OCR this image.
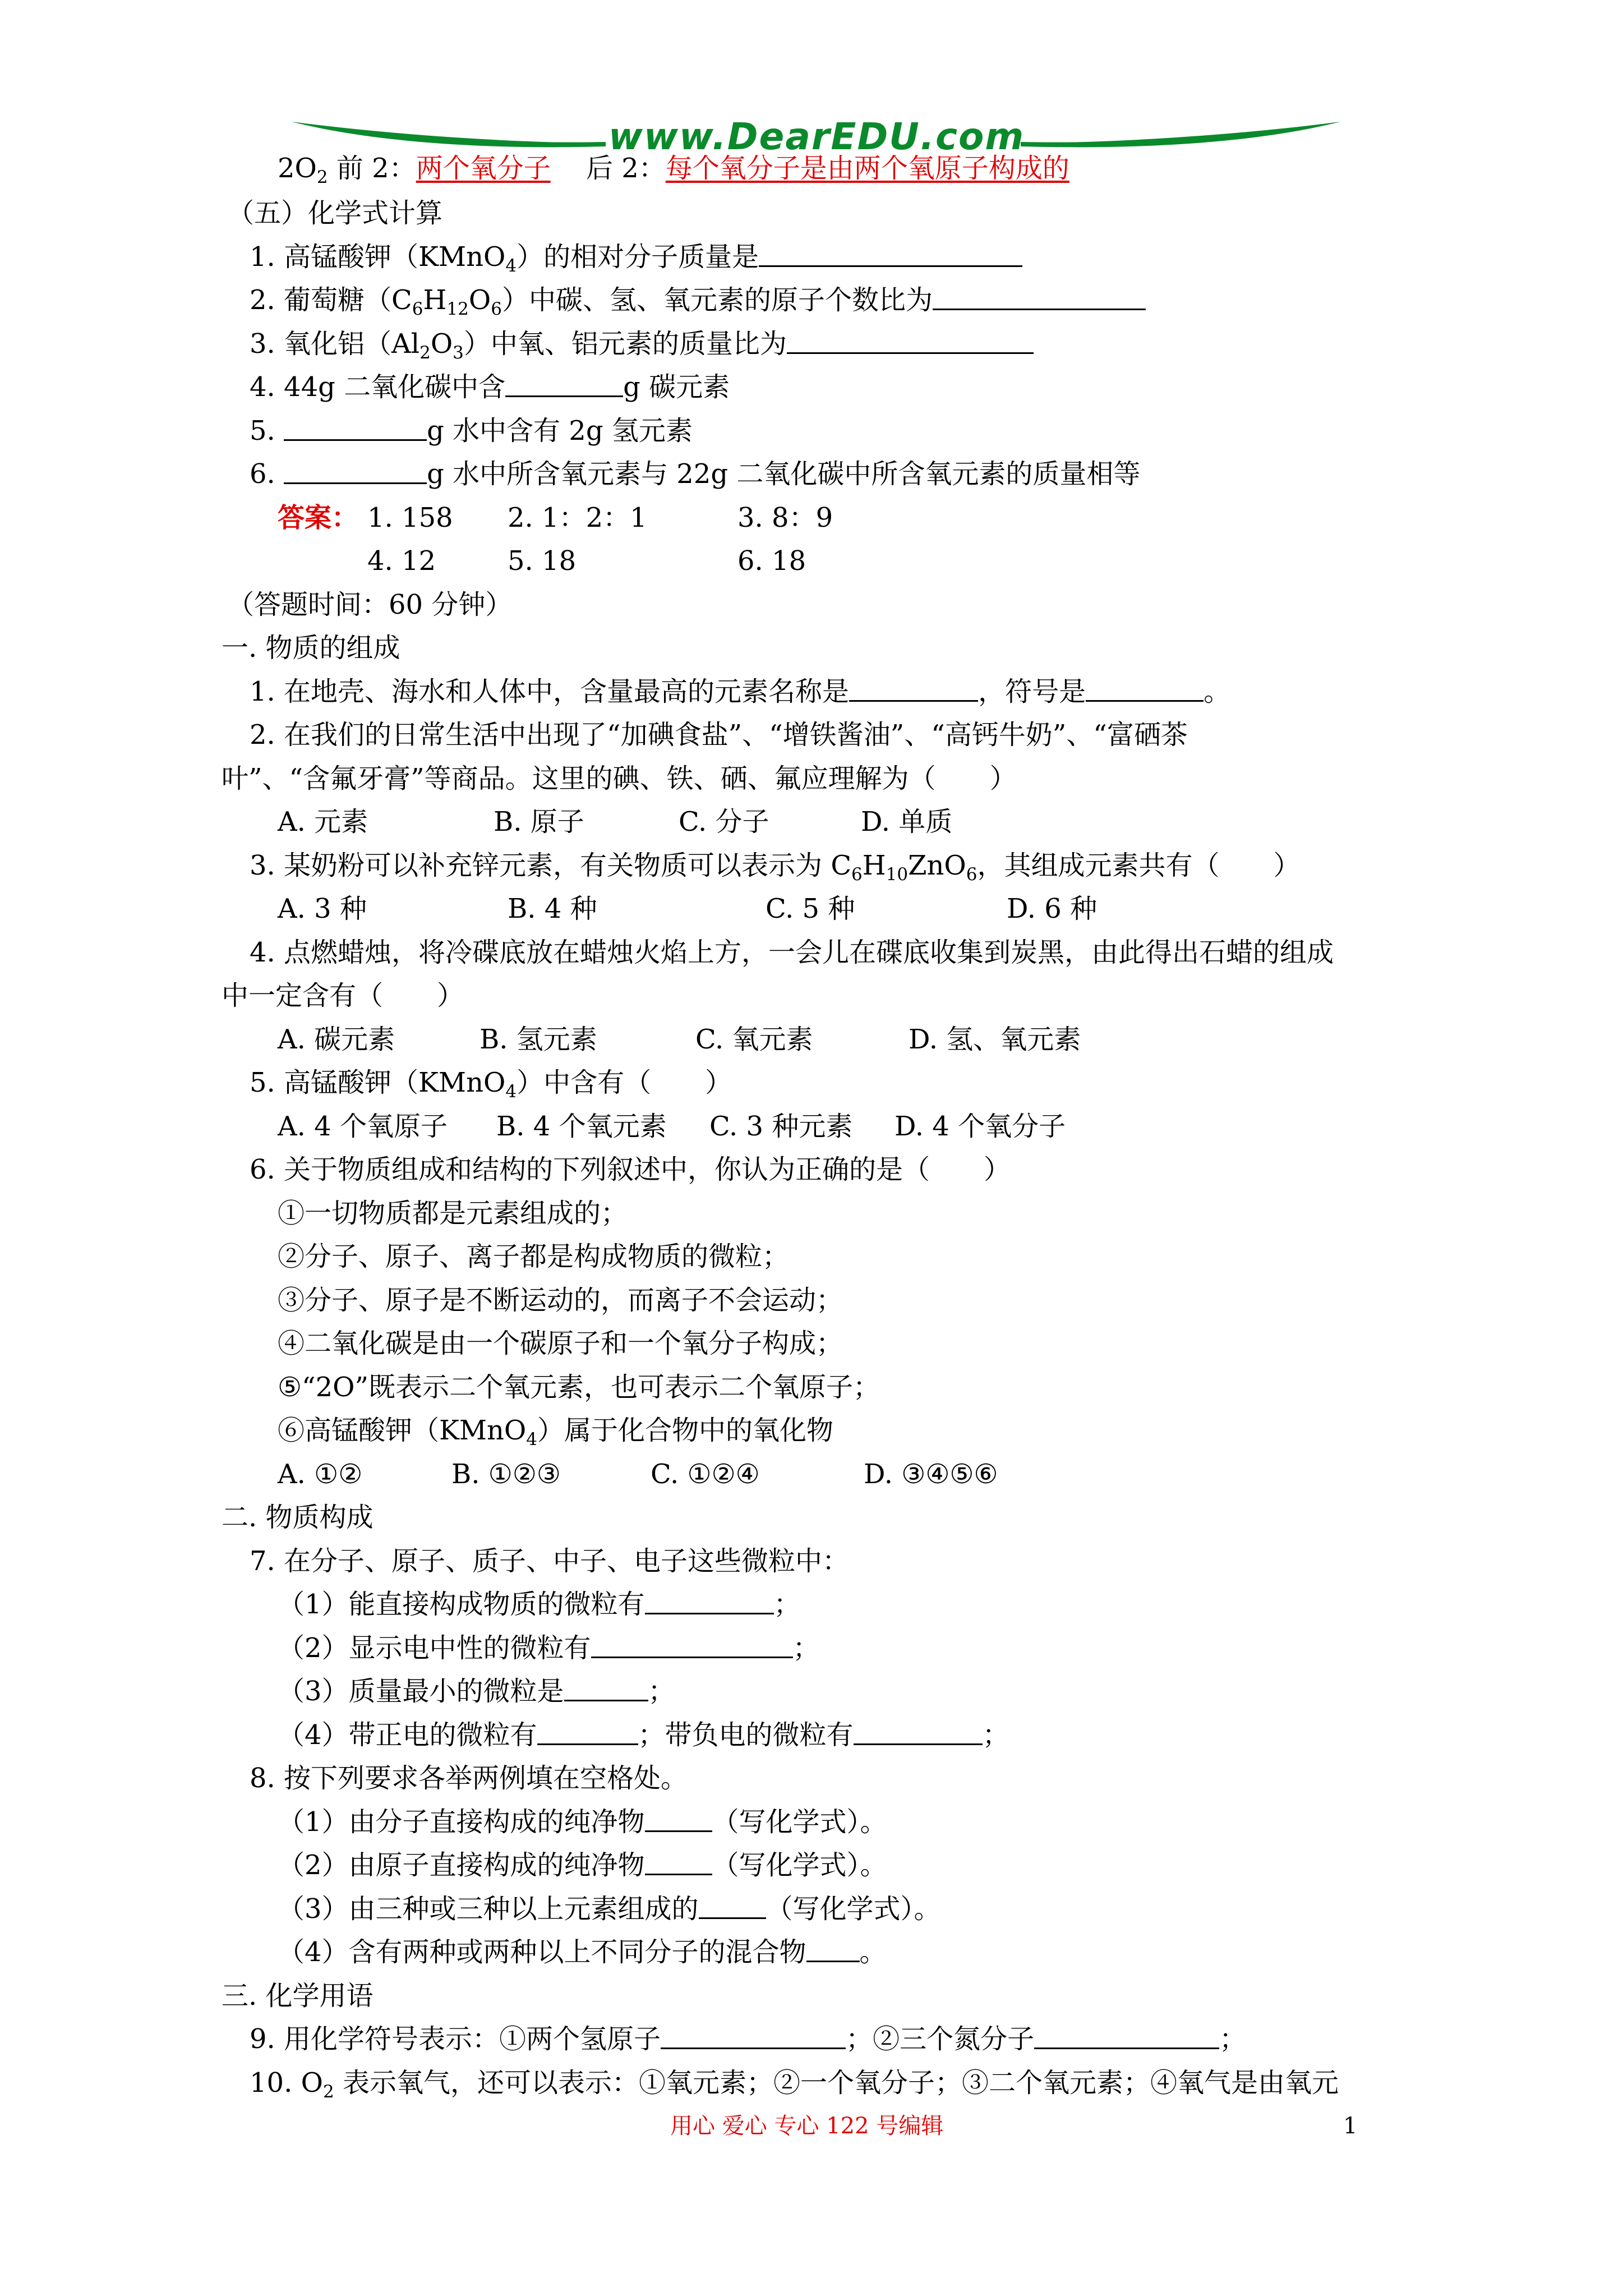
www.DearEDU.com
$2O_2$ 前 2：两个氧分子　 后 2：每个氧分子是由两个氧原子构成的
（五）化学式计算
1. 高锰酸钾（KMnO$_4$）的相对分子质量是
2. 葡萄糖$(C_6H_{12}O_6)$中碳、氢、氧元素的原子个数比为
3. 氧化铝$(Al_2O_3)$中氧、铝元素的质量比为
4. 44g 二氧化碳中含	g 碳元素
5.	g 水中含有 2g 氢元素
6.	g 水中所含氧元素与 22g 二氧化碳中所含氧元素的质量相等
答案： 1. 158 2. 1：2：1	3. 8：9
4. 12	5. 18	6. 18
（答题时间：60 分钟）
一. 物质的组成
1. 在地壳、海水和人体中，含量最高的元素名称是	，符号是	。
2. 在我们的日常生活中出现了“加碘食盐”、“增铁酱油”、“高钙牛奶”、“富硒茶
叶”、“含氟牙膏”等商品。这里的碘、铁、硒、氟应理解为（　　）
A. 元素	B. 原子	C. 分子	D. 单质
3. 某奶粉可以补充锌元素，有关物质可以表示为 $C_6H_{10}ZnO_6$，其组成元素共有（　　）
A. 3 种	B. 4 种	C. 5 种	D. 6 种
4. 点燃蜡烛，将冷碟底放在蜡烛火焰上方，一会儿在碟底收集到炭黑，由此得出石蜡的组成
中一定含有（　　）
A. 碳元素	B. 氢元素	C. 氧元素	D. 氢、氧元素
5. 高锰酸钾（KMnO$_4$）中含有（　　）
A. 4 个氧原子 B. 4 个氧元素 C. 3 种元素 D. 4 个氧分子
6. 关于物质组成和结构的下列叙述中，你认为正确的是（　　）
①一切物质都是元素组成的；
②分子、原子、离子都是构成物质的微粒；
③分子、原子是不断运动的，而离子不会运动；
④二氧化碳是由一个碳原子和一个氧分子构成；
⑤“2O”既表示二个氧元素，也可表示二个氧原子；
⑥高锰酸钾（KMnO$_4$）属于化合物中的氧化物
A. ①②	B. ①②③	C. ①②④	D. ③④⑤⑥
二. 物质构成
7. 在分子、原子、质子、中子、电子这些微粒中：
（1）能直接构成物质的微粒有	；
（2）显示电中性的微粒有	；
（3）质量最小的微粒是	；
（4）带正电的微粒有	；带负电的微粒有	；
8. 按下列要求各举两例填在空格处。
（1）由分子直接构成的纯净物	（写化学式）。
（2）由原子直接构成的纯净物	（写化学式）。
（3）由三种或三种以上元素组成的	（写化学式）。
（4）含有两种或两种以上不同分子的混合物 。
三. 化学用语
9. 用化学符号表示：①两个氢原子	；②三个氮分子	；
10. $O_2$ 表示氧气，还可以表示：①氧元素；②一个氧分子；③二个氧元素；④氧气是由氧元
用心 爱心 专心 122 号编辑	1
